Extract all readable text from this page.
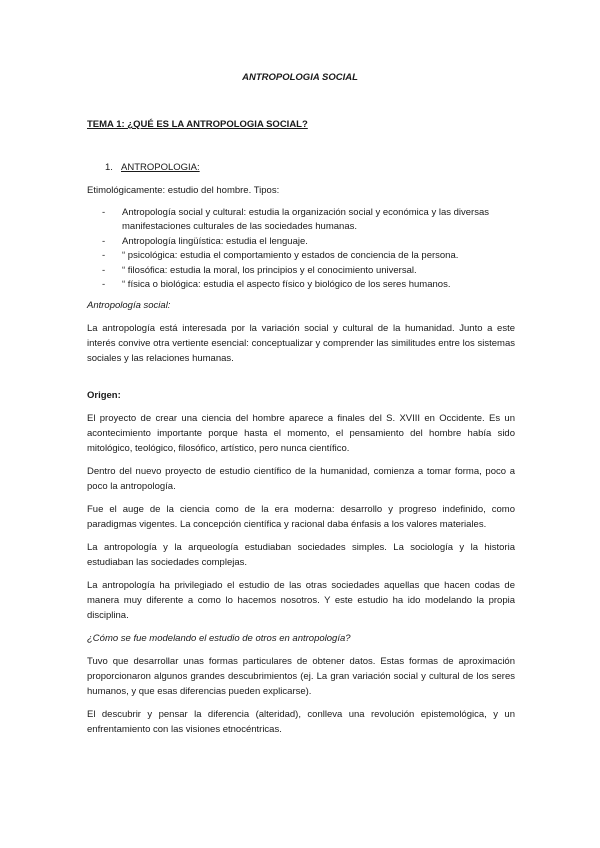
ANTROPOLOGIA SOCIAL
TEMA 1: ¿QUÉ ES LA ANTROPOLOGIA SOCIAL?
1. ANTROPOLOGIA:

Etimológicamente: estudio del hombre. Tipos:

- Antropología social y cultural: estudia la organización social y económica y las diversas manifestaciones culturales de las sociedades humanas.
- Antropología lingüística: estudia el lenguaje.
- “ psicológica: estudia el comportamiento y estados de conciencia de la persona.
- “ filosófica: estudia la moral, los principios y el conocimiento universal.
- “ física o biológica: estudia el aspecto físico y biológico de los seres humanos.
Antropología social:

La antropología está interesada por la variación social y cultural de la humanidad. Junto a este interés convive otra vertiente esencial: conceptualizar y comprender las similitudes entre los sistemas sociales y las relaciones humanas.

Origen:

El proyecto de crear una ciencia del hombre aparece a finales del S. XVIII en Occidente. Es un acontecimiento importante porque hasta el momento, el pensamiento del hombre había sido mitológico, teológico, filosófico, artístico, pero nunca científico.

Dentro del nuevo proyecto de estudio científico de la humanidad, comienza a tomar forma, poco a poco la antropología.

Fue el auge de la ciencia como de la era moderna: desarrollo y progreso indefinido, como paradigmas vigentes. La concepción científica y racional daba énfasis a los valores materiales.

La antropología y la arqueología estudiaban sociedades simples. La sociología y la historia estudiaban las sociedades complejas.

La antropología ha privilegiado el estudio de las otras sociedades aquellas que hacen codas de manera muy diferente a como lo hacemos nosotros. Y este estudio ha ido modelando la propia disciplina.

¿Cómo se fue modelando el estudio de otros en antropología?

Tuvo que desarrollar unas formas particulares de obtener datos. Estas formas de aproximación proporcionaron algunos grandes descubrimientos (ej. La gran variación social y cultural de los seres humanos, y que esas diferencias pueden explicarse).

El descubrir y pensar la diferencia (alteridad), conlleva una revolución epistemológica, y un enfrentamiento con las visiones etnocéntricas.
